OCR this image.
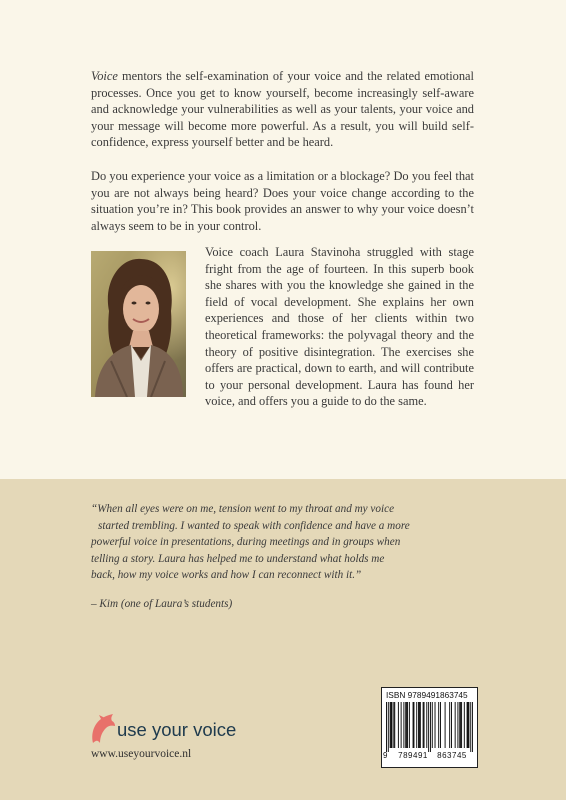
Voice mentors the self-examination of your voice and the related emotional processes. Once you get to know yourself, become increasingly self-aware and acknowledge your vulnerabilities as well as your talents, your voice and your message will become more powerful. As a result, you will build self-confidence, express yourself better and be heard.

Do you experience your voice as a limitation or a blockage? Do you feel that you are not always being heard? Does your voice change according to the situation you’re in? This book provides an answer to why your voice doesn’t always seem to be in your control.

Voice coach Laura Stavinoha struggled with stage fright from the age of fourteen. In this superb book she shares with you the knowledge she gained in the field of vocal development. She explains her own experiences and those of her clients within two theoretical frameworks: the polyvagal theory and the theory of positive disintegration. The exercises she offers are practical, down to earth, and will contribute to your personal development. Laura has found her voice, and offers you a guide to do the same.

“When all eyes were on me, tension went to my throat and my voice
started trembling. I wanted to speak with confidence and have a more
powerful voice in presentations, during meetings and in groups when
telling a story. Laura has helped me to understand what holds me
back, how my voice works and how I can reconnect with it.”

– Kim (one of Laura’s students)

use your voice
www.useyourvoice.nl
ISBN 9789491863745
9	789491	863745
